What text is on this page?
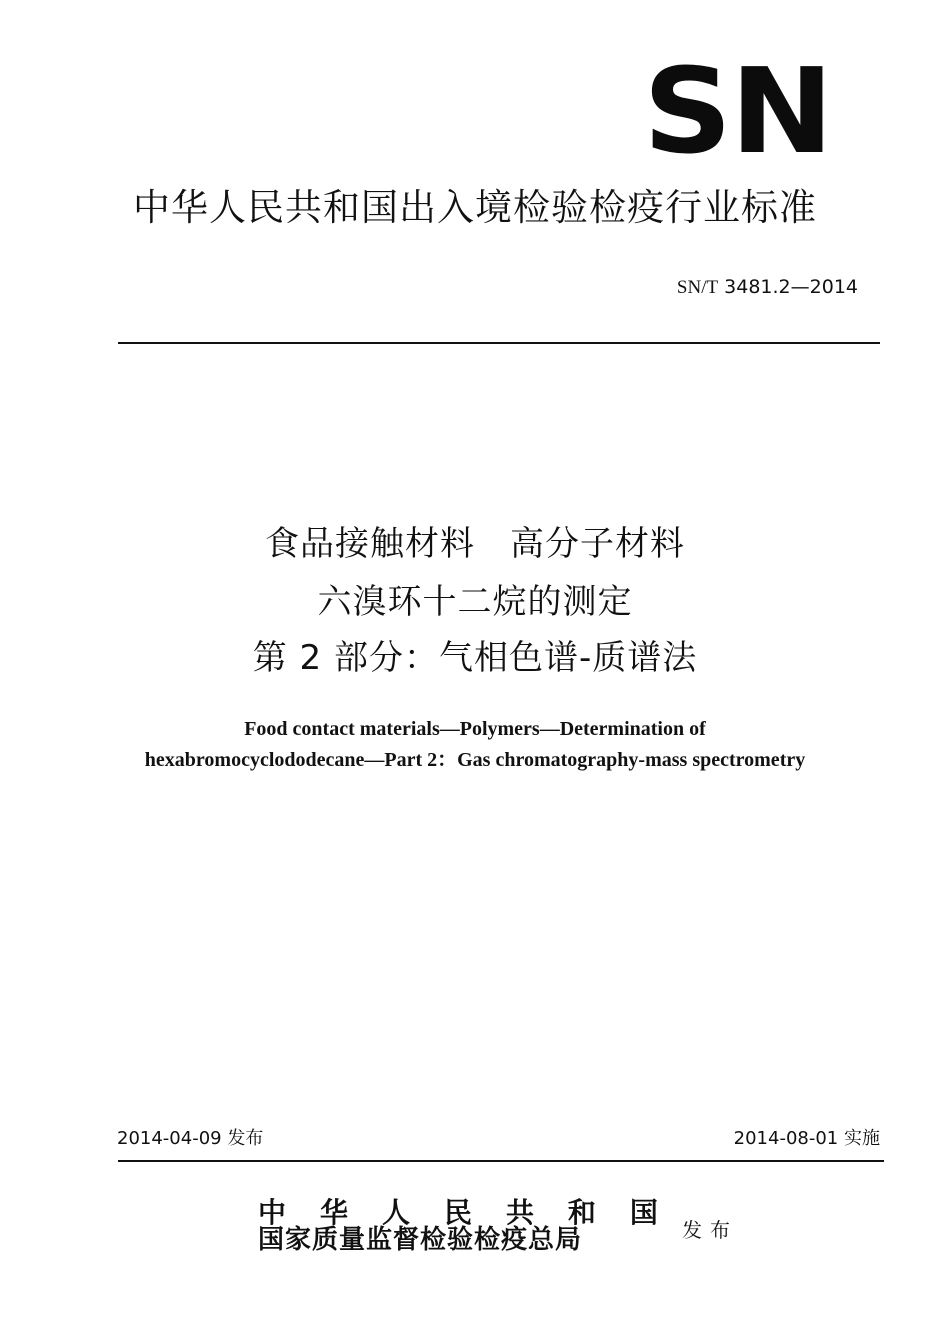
SN
中华人民共和国出入境检验检疫行业标准
SN/T 3481.2—2014
食品接触材料　高分子材料
六溴环十二烷的测定
第 2 部分：气相色谱-质谱法
Food contact materials—Polymers—Determination of
hexabromocyclododecane—Part 2：Gas chromatography-mass spectrometry
2014-04-09 发布	2014-08-01 实施
中 华 人 民 共 和 国
国家质量监督检验检疫总局	发布
